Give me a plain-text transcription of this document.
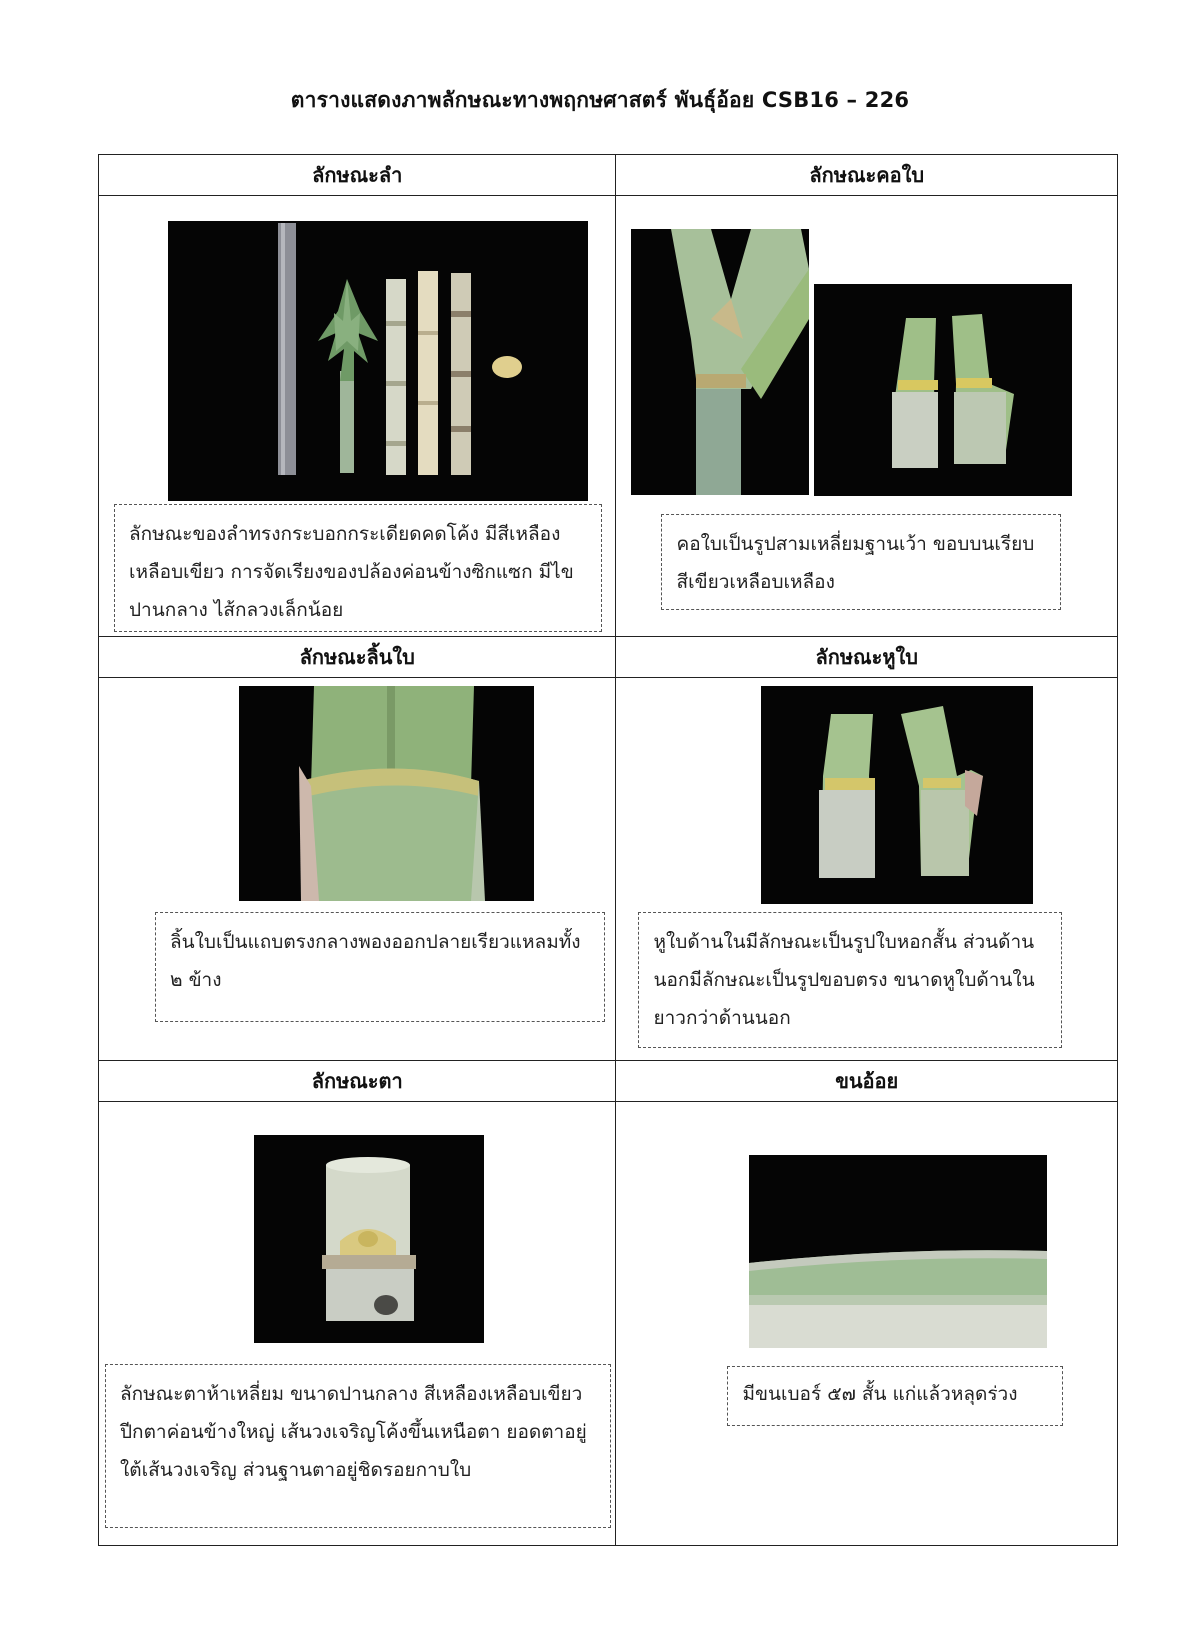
ตารางแสดงภาพลักษณะทางพฤกษศาสตร์ พันธุ์อ้อย CSB16 – 226
ลักษณะลำ	ลักษณะคอใบ

ลักษณะของลำทรงกระบอกกระเดียดคดโค้ง มีสีเหลืองเหลือบเขียว การจัดเรียงของปล้องค่อนข้างซิกแซก มีไขปานกลาง ไส้กลวงเล็กน้อย	คอใบเป็นรูปสามเหลี่ยมฐานเว้า ขอบบนเรียบ สีเขียวเหลือบเหลือง

ลักษณะลิ้นใบ	ลักษณะหูใบ

ลิ้นใบเป็นแถบตรงกลางพองออกปลายเรียวแหลมทั้ง ๒ ข้าง	หูใบด้านในมีลักษณะเป็นรูปใบหอกสั้น ส่วนด้านนอกมีลักษณะเป็นรูปขอบตรง ขนาดหูใบด้านในยาวกว่าด้านนอก

ลักษณะตา	ขนอ้อย

ลักษณะตาห้าเหลี่ยม ขนาดปานกลาง สีเหลืองเหลือบเขียว ปีกตาค่อนข้างใหญ่ เส้นวงเจริญโค้งขึ้นเหนือตา ยอดตาอยู่ใต้เส้นวงเจริญ ส่วนฐานตาอยู่ชิดรอยกาบใบ	มีขนเบอร์ ๕๗ สั้น แก่แล้วหลุดร่วง
